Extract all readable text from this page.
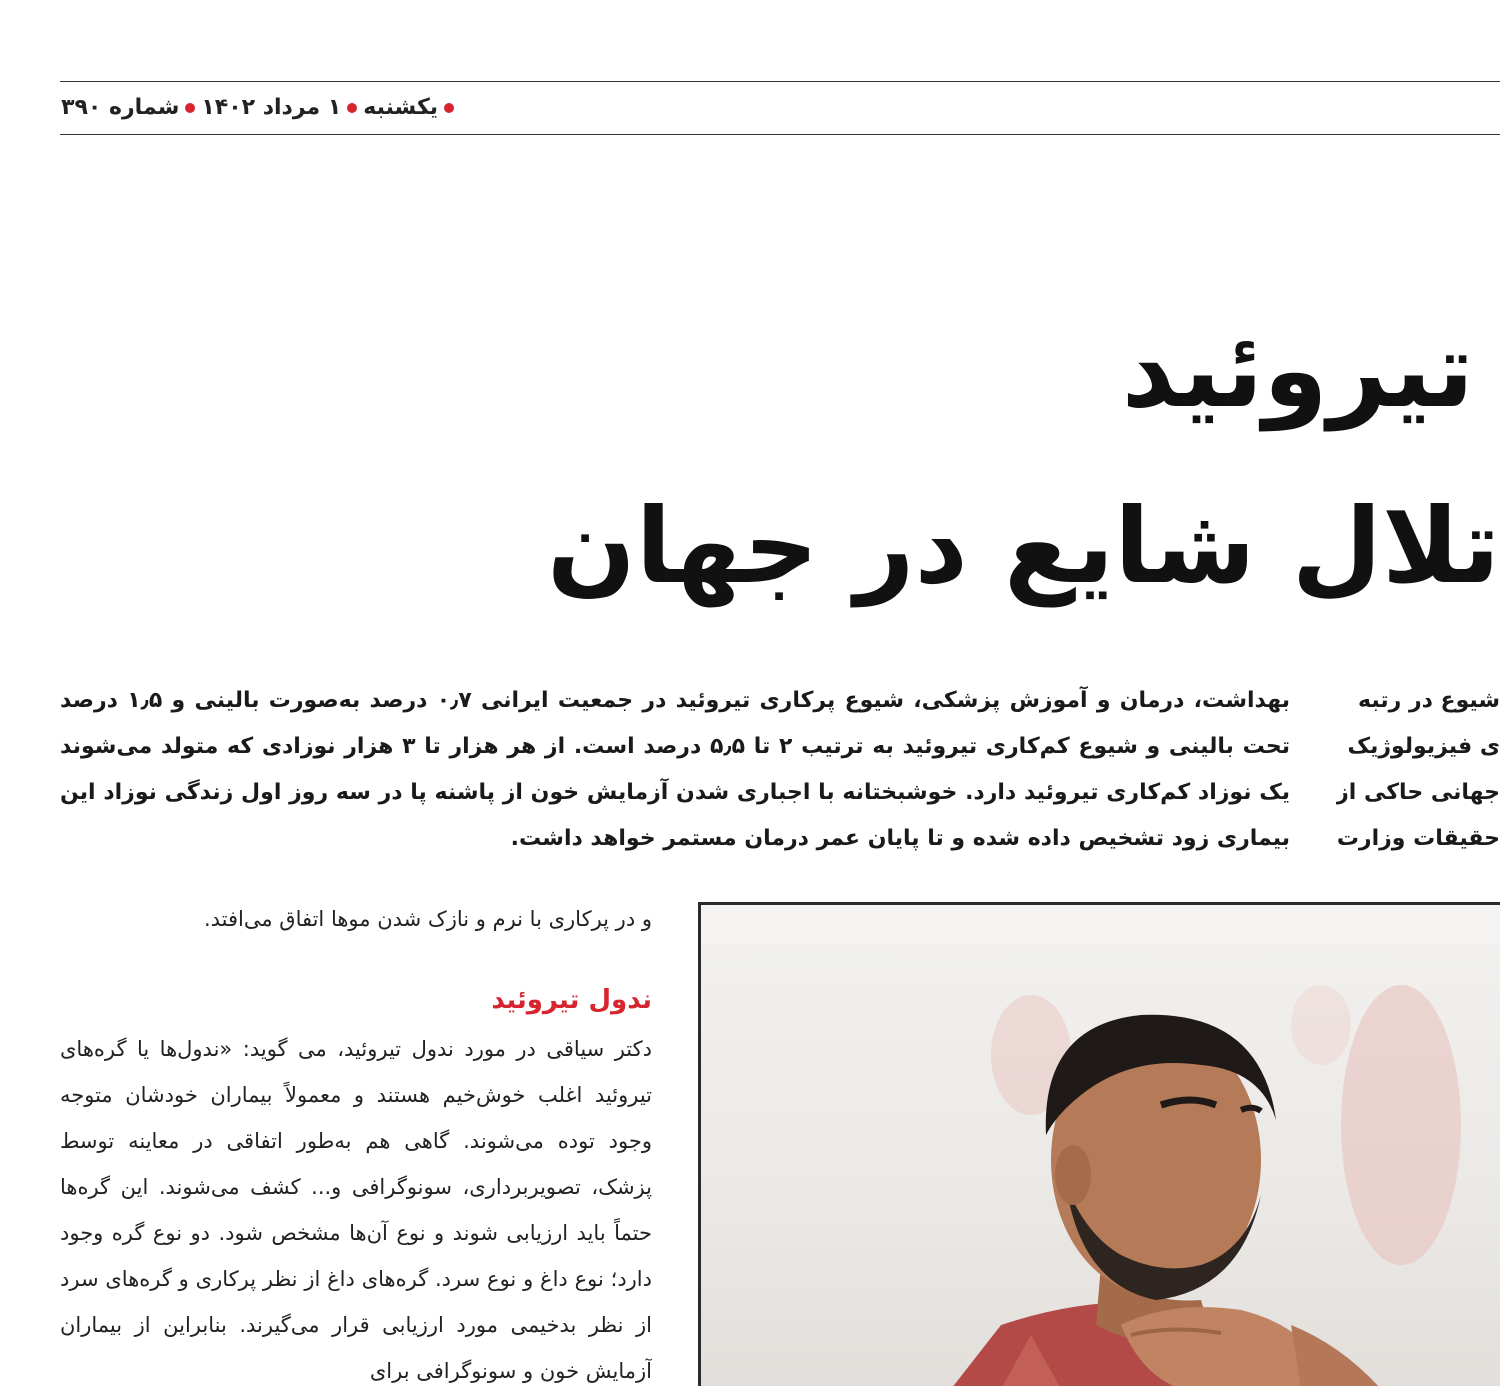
یکشنبه۱ مرداد ۱۴۰۲شماره ۳۹۰
تیروئید
تلال شایع در جهان

بهداشت، درمان و آموزش پزشکی، شیوع پرکاری تیروئید در جمعیت ایرانی ۰٫۷ درصد به‌صورت بالینی و ۱٫۵ درصد تحت بالینی و شیوع کم‌کاری تیروئید به ترتیب ۲ تا ۵٫۵ درصد است. از هر هزار تا ۳ هزار نوزادی که متولد می‌شوند یک نوزاد کم‌کاری تیروئید دارد. خوشبختانه با اجباری شدن آزمایش خون از پاشنه پا در سه روز اول زندگی نوزاد این بیماری زود تشخیص داده شده و تا پایان عمر درمان مستمر خواهد داشت.

شیوع در رتبه

ی فیزیولوژیک

جهانی حاکی از

حقیقات وزارت

و در پرکاری با نرم و نازک شدن موها اتفاق می‌افتد.
ندول تیروئید

دکتر سیاقی در مورد ندول تیروئید، می گوید: «ندول‌ها یا گره‌های تیروئید اغلب خوش‌خیم هستند و معمولاً بیماران خودشان متوجه وجود توده می‌شوند. گاهی هم به‌طور اتفاقی در معاینه توسط پزشک، تصویربرداری، سونوگرافی و... کشف می‌شوند. این گره‌ها حتماً باید ارزیابی شوند و نوع آن‌ها مشخص شود. دو نوع گره وجود دارد؛ نوع داغ و نوع سرد. گره‌های داغ از نظر پرکاری و گره‌های سرد از نظر بدخیمی مورد ارزیابی قرار می‌گیرند. بنابراین از بیماران آزمایش خون و سونوگرافی برای
